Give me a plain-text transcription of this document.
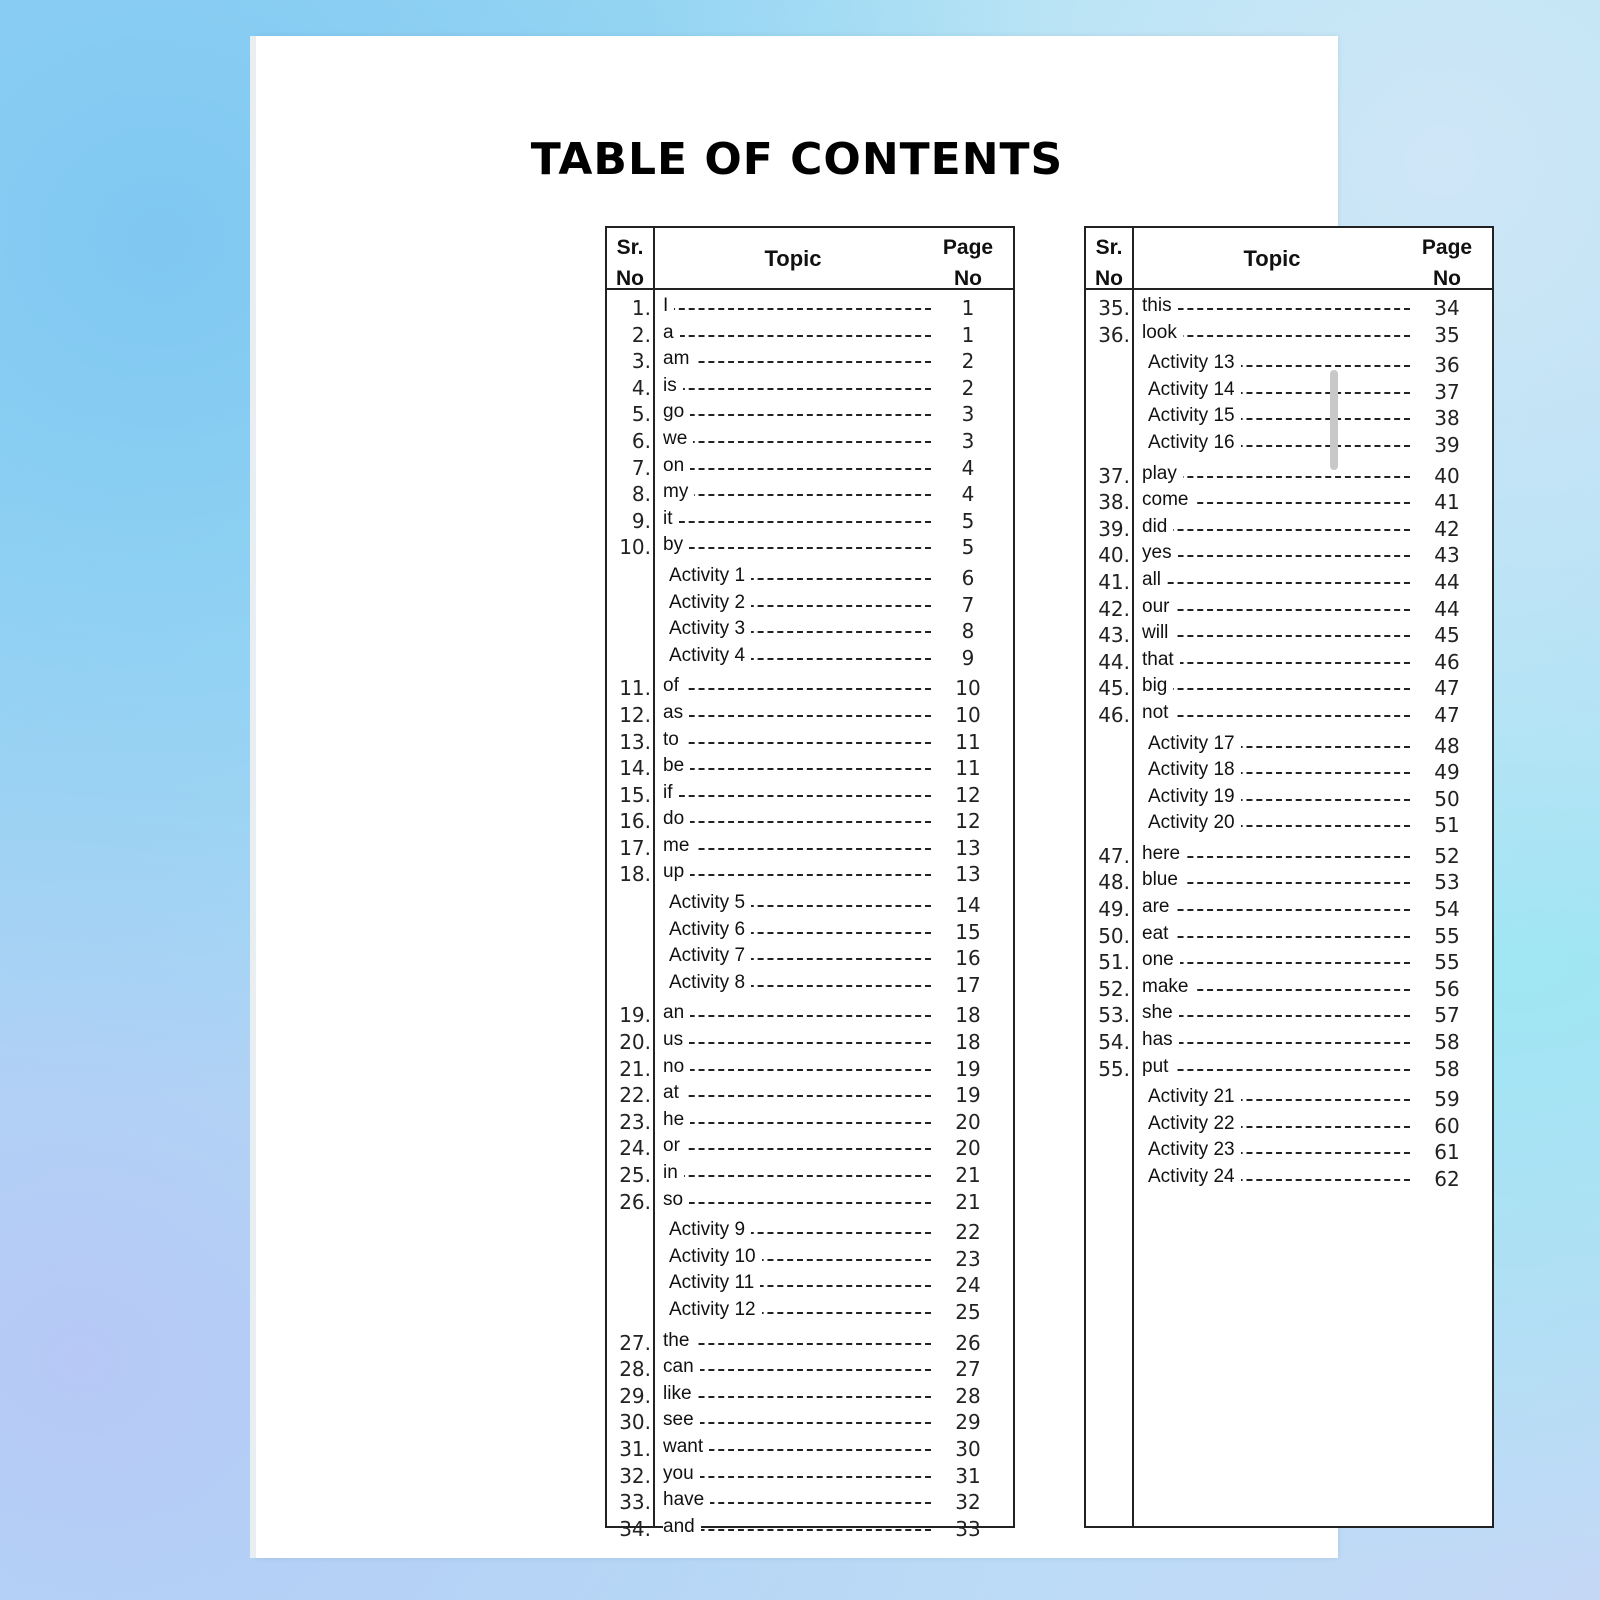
TABLE OF CONTENTS
Sr.
No
Topic	Page
No
1. I	1
2. a	1
3. am	2
4. is	2
5. go	3
6. we	3
7. on	4
8. my	4
9. it	5
10. by	5
Activity 1	6
Activity 2	7
Activity 3	8
Activity 4	9
11. of	10
12. as	10
13. to	11
14. be	11
15. if	12
16. do	12
17. me	13
18. up	13
Activity 5	14
Activity 6	15
Activity 7	16
Activity 8	17
19. an	18
20. us	18
21. no	19
22. at	19
23. he	20
24. or	20
25. in	21
26. so	21
Activity 9	22
Activity 10	23
Activity 11	24
Activity 12	25
27. the	26
28. can	27
29. like	28
30. see	29
31. want	30
32. you	31
33. have	32
34. and	33
Sr.
No
Topic	Page
No
35. this	34
36. look	35
Activity 13	36
Activity 14	37
Activity 15	38
Activity 16	39
37. play	40
38. come	41
39. did	42
40. yes	43
41. all	44
42. our	44
43. will	45
44. that	46
45. big	47
46. not	47
Activity 17	48
Activity 18	49
Activity 19	50
Activity 20	51
47. here	52
48. blue	53
49. are	54
50. eat	55
51. one	55
52. make	56
53. she	57
54. has	58
55. put	58
Activity 21	59
Activity 22	60
Activity 23	61
Activity 24	62
